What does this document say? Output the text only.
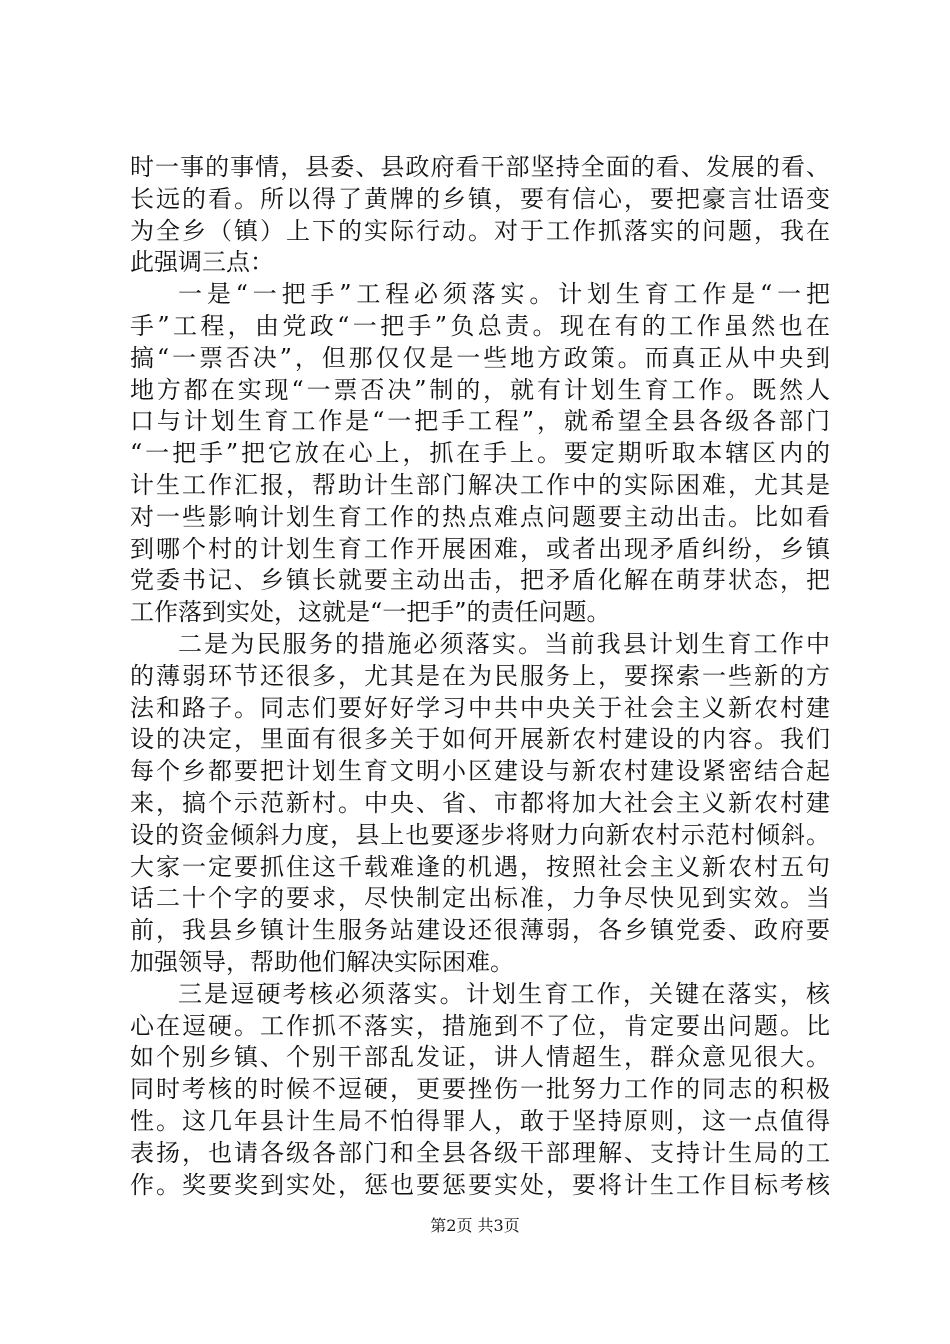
时一事的事情，县委、县政府看干部坚持全面的看、发展的看、
长远的看。所以得了黄牌的乡镇，要有信心，要把豪言壮语变
为全乡（镇）上下的实际行动。对于工作抓落实的问题，我在
此强调三点：
一是“一把手”工程必须落实。计划生育工作是“一把
手”工程，由党政“一把手”负总责。现在有的工作虽然也在
搞“一票否决”，但那仅仅是一些地方政策。而真正从中央到
地方都在实现“一票否决”制的，就有计划生育工作。既然人
口与计划生育工作是“一把手工程”，就希望全县各级各部门
“一把手”把它放在心上，抓在手上。要定期听取本辖区内的
计生工作汇报，帮助计生部门解决工作中的实际困难，尤其是
对一些影响计划生育工作的热点难点问题要主动出击。比如看
到哪个村的计划生育工作开展困难，或者出现矛盾纠纷，乡镇
党委书记、乡镇长就要主动出击，把矛盾化解在萌芽状态，把
工作落到实处，这就是“一把手”的责任问题。
二是为民服务的措施必须落实。当前我县计划生育工作中
的薄弱环节还很多，尤其是在为民服务上，要探索一些新的方
法和路子。同志们要好好学习中共中央关于社会主义新农村建
设的决定，里面有很多关于如何开展新农村建设的内容。我们
每个乡都要把计划生育文明小区建设与新农村建设紧密结合起
来，搞个示范新村。中央、省、市都将加大社会主义新农村建
设的资金倾斜力度，县上也要逐步将财力向新农村示范村倾斜。
大家一定要抓住这千载难逢的机遇，按照社会主义新农村五句
话二十个字的要求，尽快制定出标准，力争尽快见到实效。当
前，我县乡镇计生服务站建设还很薄弱，各乡镇党委、政府要
加强领导，帮助他们解决实际困难。
三是逗硬考核必须落实。计划生育工作，关键在落实，核
心在逗硬。工作抓不落实，措施到不了位，肯定要出问题。比
如个别乡镇、个别干部乱发证，讲人情超生，群众意见很大。
同时考核的时候不逗硬，更要挫伤一批努力工作的同志的积极
性。这几年县计生局不怕得罪人，敢于坚持原则，这一点值得
表扬，也请各级各部门和全县各级干部理解、支持计生局的工
作。奖要奖到实处，惩也要惩要实处，要将计生工作目标考核
第2页 共3页
